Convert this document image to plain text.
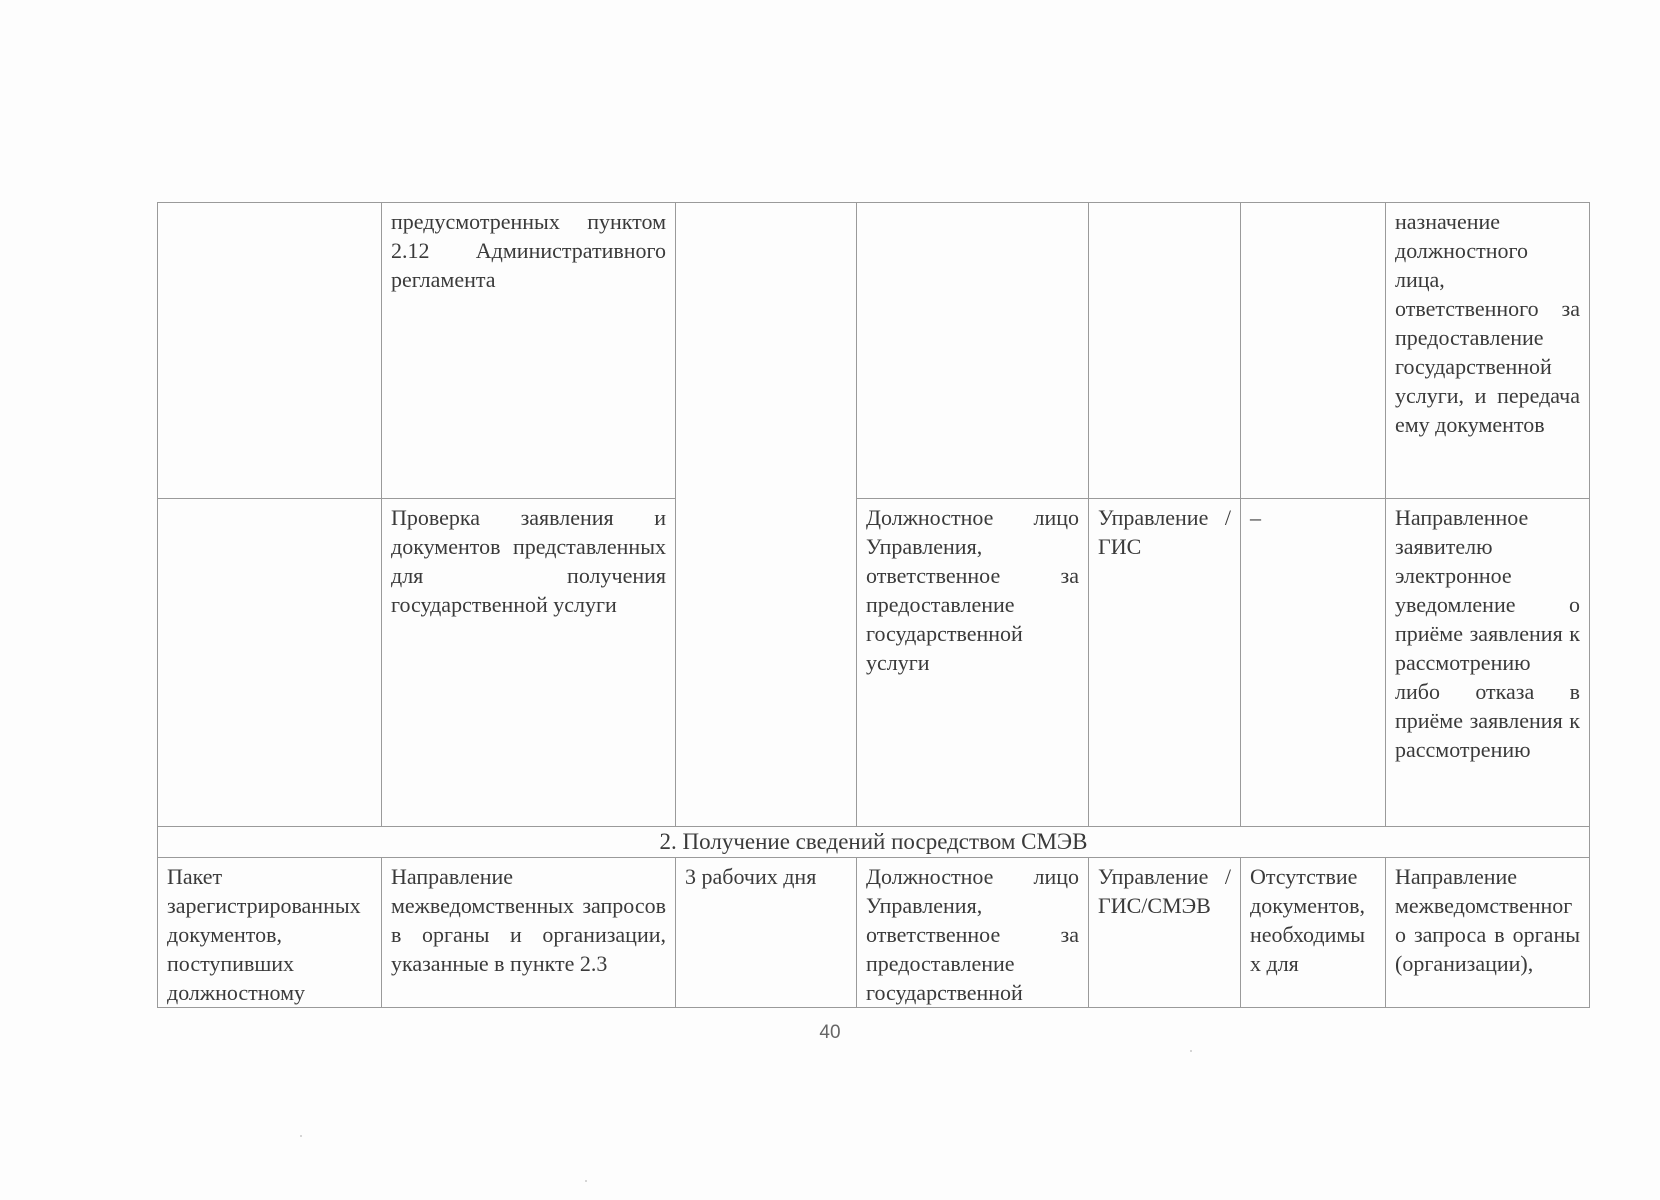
	предусмотренных пунктом 2.12 Административного регламента					назначение должностного лица, ответственного за предоставление государственной услуги, и передача ему документов

	Проверка заявления и документов представленных для получения государственной услуги		Должностное лицо Управления, ответственное за предоставление государственной услуги	Управление / ГИС	–	Направленное заявителю электронное уведомление о приёме заявления к рассмотрению либо отказа в приёме заявления к рассмотрению

2. Получение сведений посредством СМЭВ						

Пакет зарегистрированных документов, поступивших должностному	Направление межведомственных запросов в органы и организации, указанные в пункте 2.3	3 рабочих дня	Должностное лицо Управления, ответственное за предоставление государственной	Управление /ГИС/СМЭВ	Отсутствие документов, необходимых для	Направление межведомственного запроса в органы (организации),
40
